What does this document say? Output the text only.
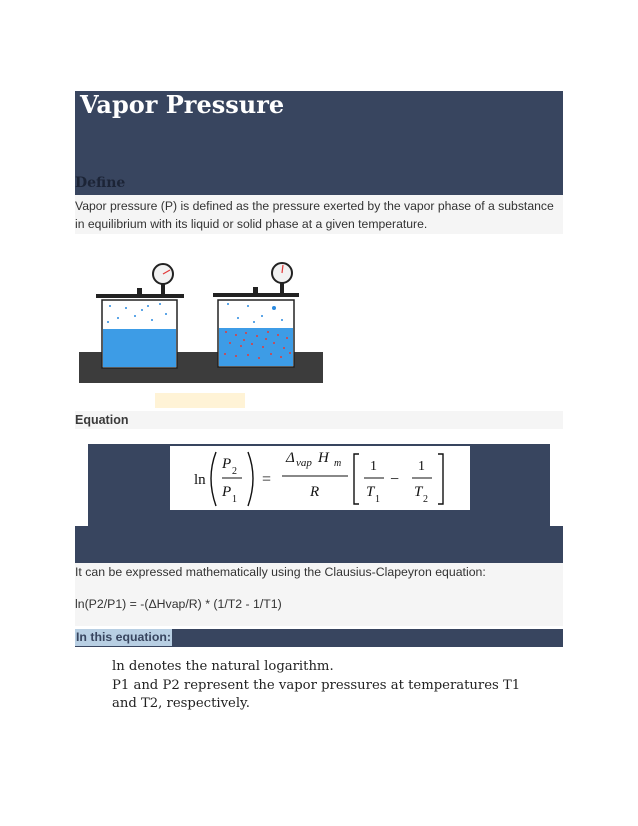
Vapor Pressure
Define

Vapor pressure (P) is defined as the pressure exerted by the vapor phase of a substance in equilibrium with its liquid or solid phase at a given temperature.

Equation
ln
P 2
P 1
=
Δ vap H m
R
1
T 1
−
1
T 2

It can be expressed mathematically using the Clausius-Clapeyron equation:

ln(P2/P1) = -(ΔHvap/R) * (1/T2 - 1/T1)

In this equation:
ln denotes the natural logarithm.
P1 and P2 represent the vapor pressures at temperatures T1 and T2, respectively.
